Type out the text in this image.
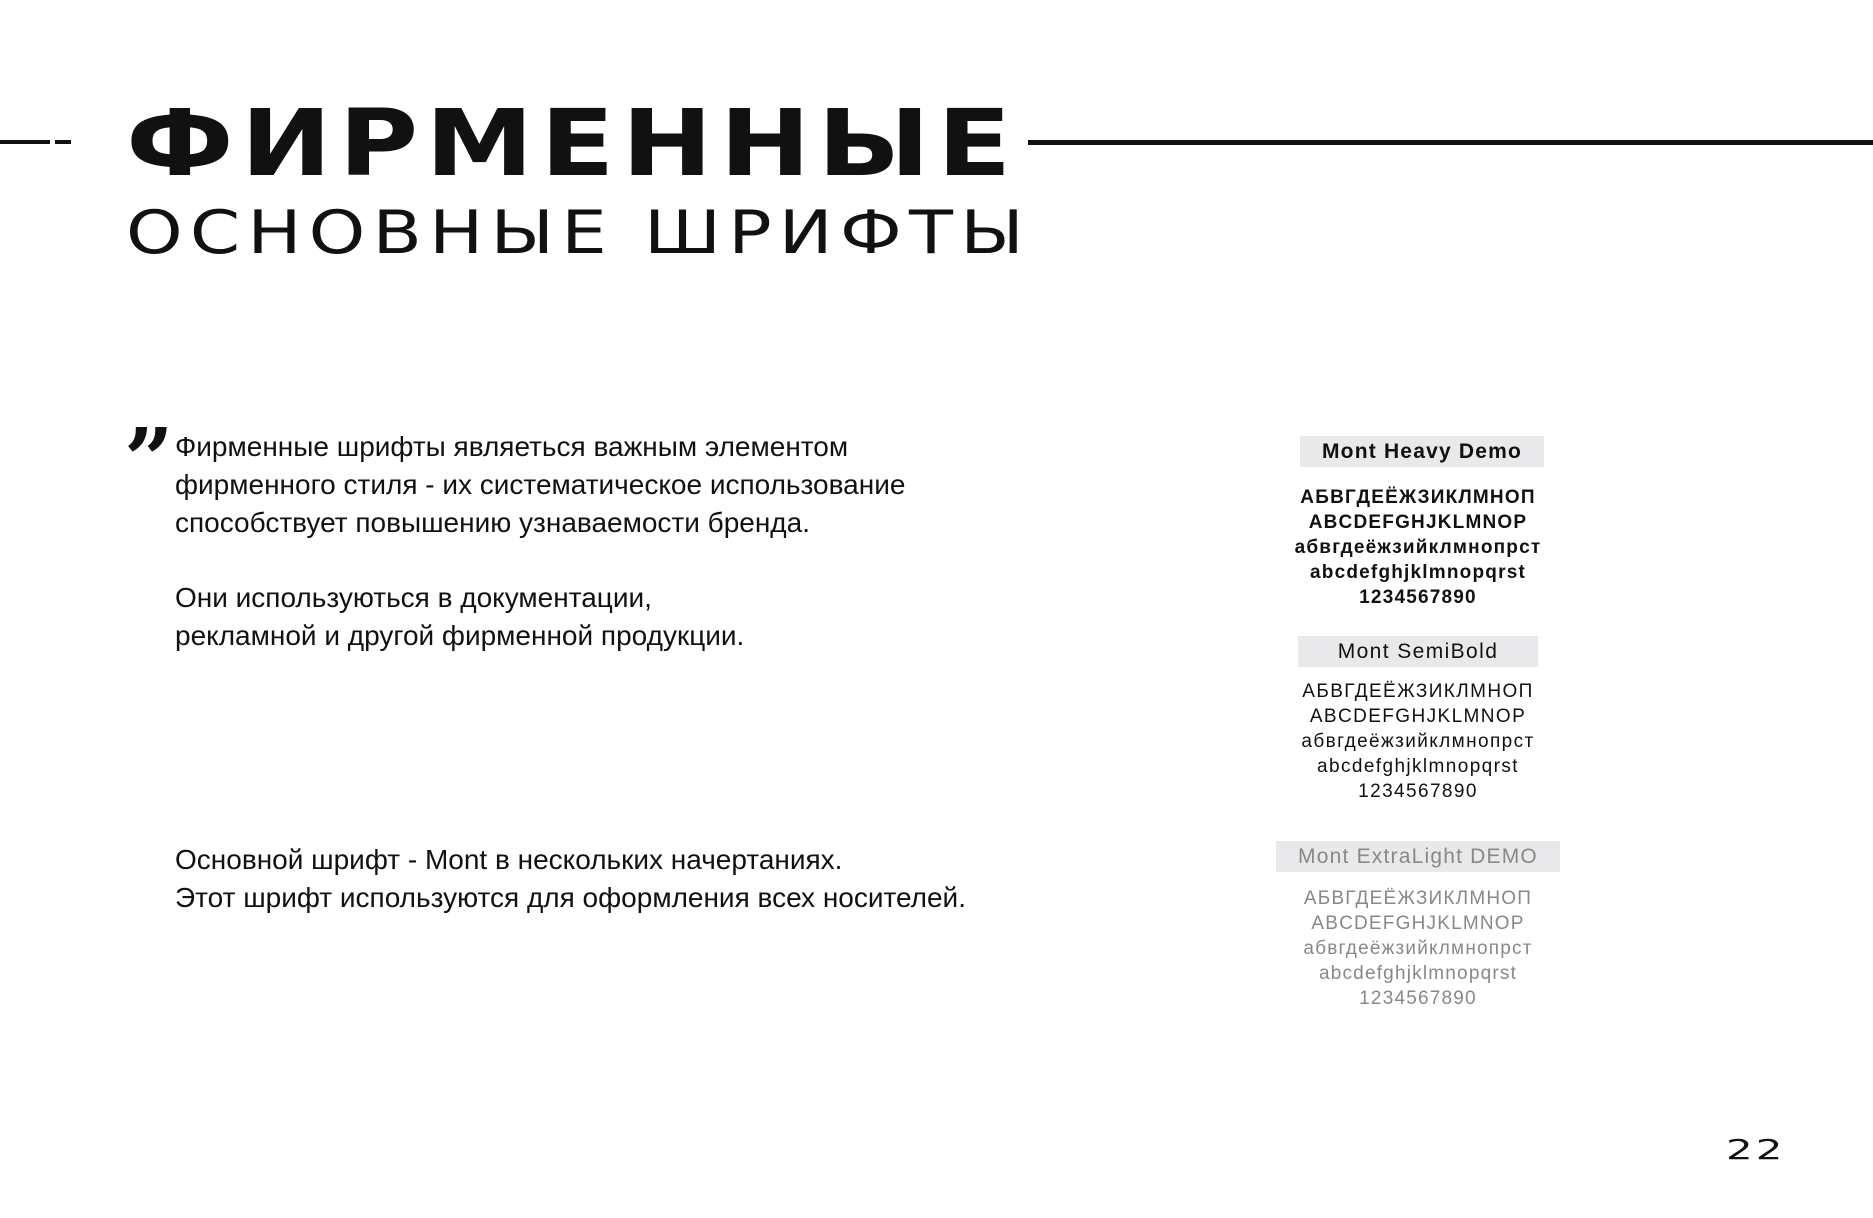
ФИРМЕННЫЕ
ОСНОВНЫЕ ШРИФТЫ
” Фирменные шрифты являеться важным элементом
фирменного стиля - их систематическое использование
способствует повышению узнаваемости бренда.

Они используються в документации,
рекламной и другой фирменной продукции.

Основной шрифт - Mont в нескольких начертаниях.
Этот шрифт используются для оформления всех носителей.

Mont Heavy Demo
АБВГДЕЁЖЗИКЛМНОП
ABCDEFGHJKLMNOP
абвгдеёжзийклмнопрст
abcdefghjklmnopqrst
1234567890
Mont SemiBold
АБВГДЕЁЖЗИКЛМНОП
ABCDEFGHJKLMNOP
абвгдеёжзийклмнопрст
abcdefghjklmnopqrst
1234567890
Mont ExtraLight DEMO
АБВГДЕЁЖЗИКЛМНОП
ABCDEFGHJKLMNOP
абвгдеёжзийклмнопрст
abcdefghjklmnopqrst
1234567890
22
